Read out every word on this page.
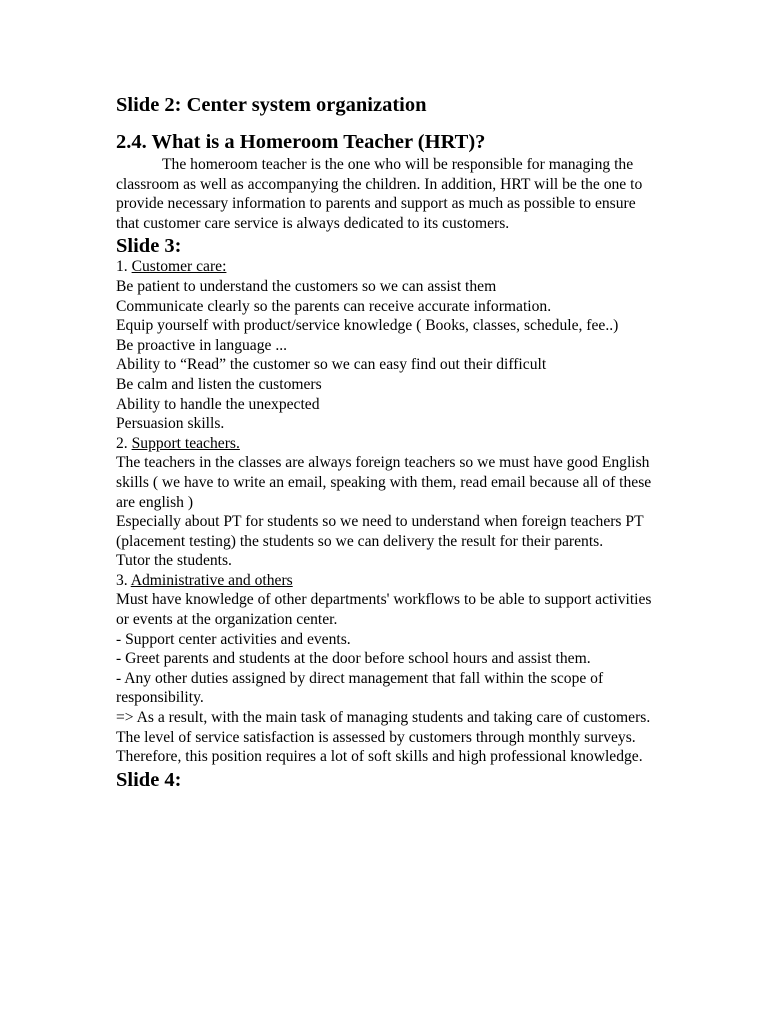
Slide 2: Center system organization

2.4. What is a Homeroom Teacher (HRT)?

The homeroom teacher is the one who will be responsible for managing the classroom as well as accompanying the children. In addition, HRT will be the one to provide necessary information to parents and support as much as possible to ensure that customer care service is always dedicated to its customers.

Slide 3:

1. Customer care:

Be patient to understand the customers so we can assist them

Communicate clearly so the parents can receive accurate information.

Equip yourself with product/service knowledge ( Books, classes, schedule, fee..)

Be proactive in language ...

Ability to “Read” the customer so we can easy find out their difficult

Be calm and listen the customers

Ability to handle the unexpected

Persuasion skills.

2. Support teachers.

The teachers in the classes are always foreign teachers so we must have good English skills ( we have to write an email, speaking with them, read email because all of these are english )

Especially about PT for students so we need to understand when foreign teachers PT (placement testing) the students so we can delivery the result for their parents.

Tutor the students.

3. Administrative and others

Must have knowledge of other departments' workflows to be able to support activities or events at the organization center.

- Support center activities and events.

- Greet parents and students at the door before school hours and assist them.

- Any other duties assigned by direct management that fall within the scope of responsibility.

=> As a result, with the main task of managing students and taking care of customers. The level of service satisfaction is assessed by customers through monthly surveys. Therefore, this position requires a lot of soft skills and high professional knowledge.

Slide 4:
